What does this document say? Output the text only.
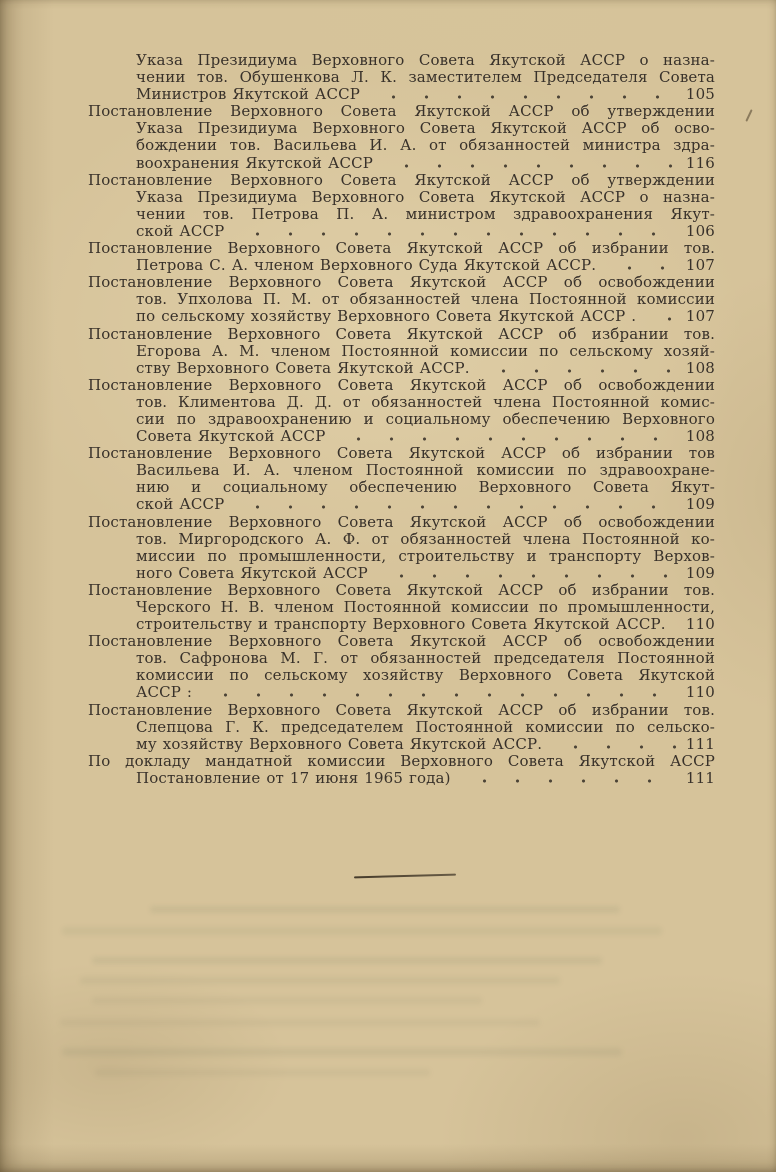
Указа Президиума Верховного Совета Якутской АССР о назна-
чении тов. Обушенкова Л. К. заместителем Председателя Совета
Министров Якутской АССР	105
Постановление Верховного Совета Якутской АССР об утверждении
Указа Президиума Верховного Совета Якутской АССР об осво-
бождении тов. Васильева И. А. от обязанностей министра здра-
воохранения Якутской АССР	116
Постановление Верховного Совета Якутской АССР об утверждении
Указа Президиума Верховного Совета Якутской АССР о назна-
чении тов. Петрова П. А. министром здравоохранения Якут-
ской АССР	106
Постановление Верховного Совета Якутской АССР об избрании тов.
Петрова С. А. членом Верховного Суда Якутской АССР.	107
Постановление Верховного Совета Якутской АССР об освобождении
тов. Упхолова П. М. от обязанностей члена Постоянной комиссии
по сельскому хозяйству Верховного Совета Якутской АССР .	107
Постановление Верховного Совета Якутской АССР об избрании тов.
Егорова А. М. членом Постоянной комиссии по сельскому хозяй-
ству Верховного Совета Якутской АССР.	108
Постановление Верховного Совета Якутской АССР об освобождении
тов. Климентова Д. Д. от обязанностей члена Постоянной комис-
сии по здравоохранению и социальному обеспечению Верховного
Совета Якутской АССР	108
Постановление Верховного Совета Якутской АССР об избрании тов
Васильева И. А. членом Постоянной комиссии по здравоохране-
нию и социальному обеспечению Верховного Совета Якут-
ской АССР	109
Постановление Верховного Совета Якутской АССР об освобождении
тов. Миргородского А. Ф. от обязанностей члена Постоянной ко-
миссии по промышленности, строительству и транспорту Верхов-
ного Совета Якутской АССР	109
Постановление Верховного Совета Якутской АССР об избрании тов.
Черского Н. В. членом Постоянной комиссии по промышленности,
строительству и транспорту Верховного Совета Якутской АССР. 110
Постановление Верховного Совета Якутской АССР об освобождении
тов. Сафронова М. Г. от обязанностей председателя Постоянной
комиссии по сельскому хозяйству Верховного Совета Якутской
АССР :	110
Постановление Верховного Совета Якутской АССР об избрании тов.
Слепцова Г. К. председателем Постоянной комиссии по сельско-
му хозяйству Верховного Совета Якутской АССР.	111
По докладу мандатной комиссии Верховного Совета Якутской АССР
Постановление от 17 июня 1965 года)	111
